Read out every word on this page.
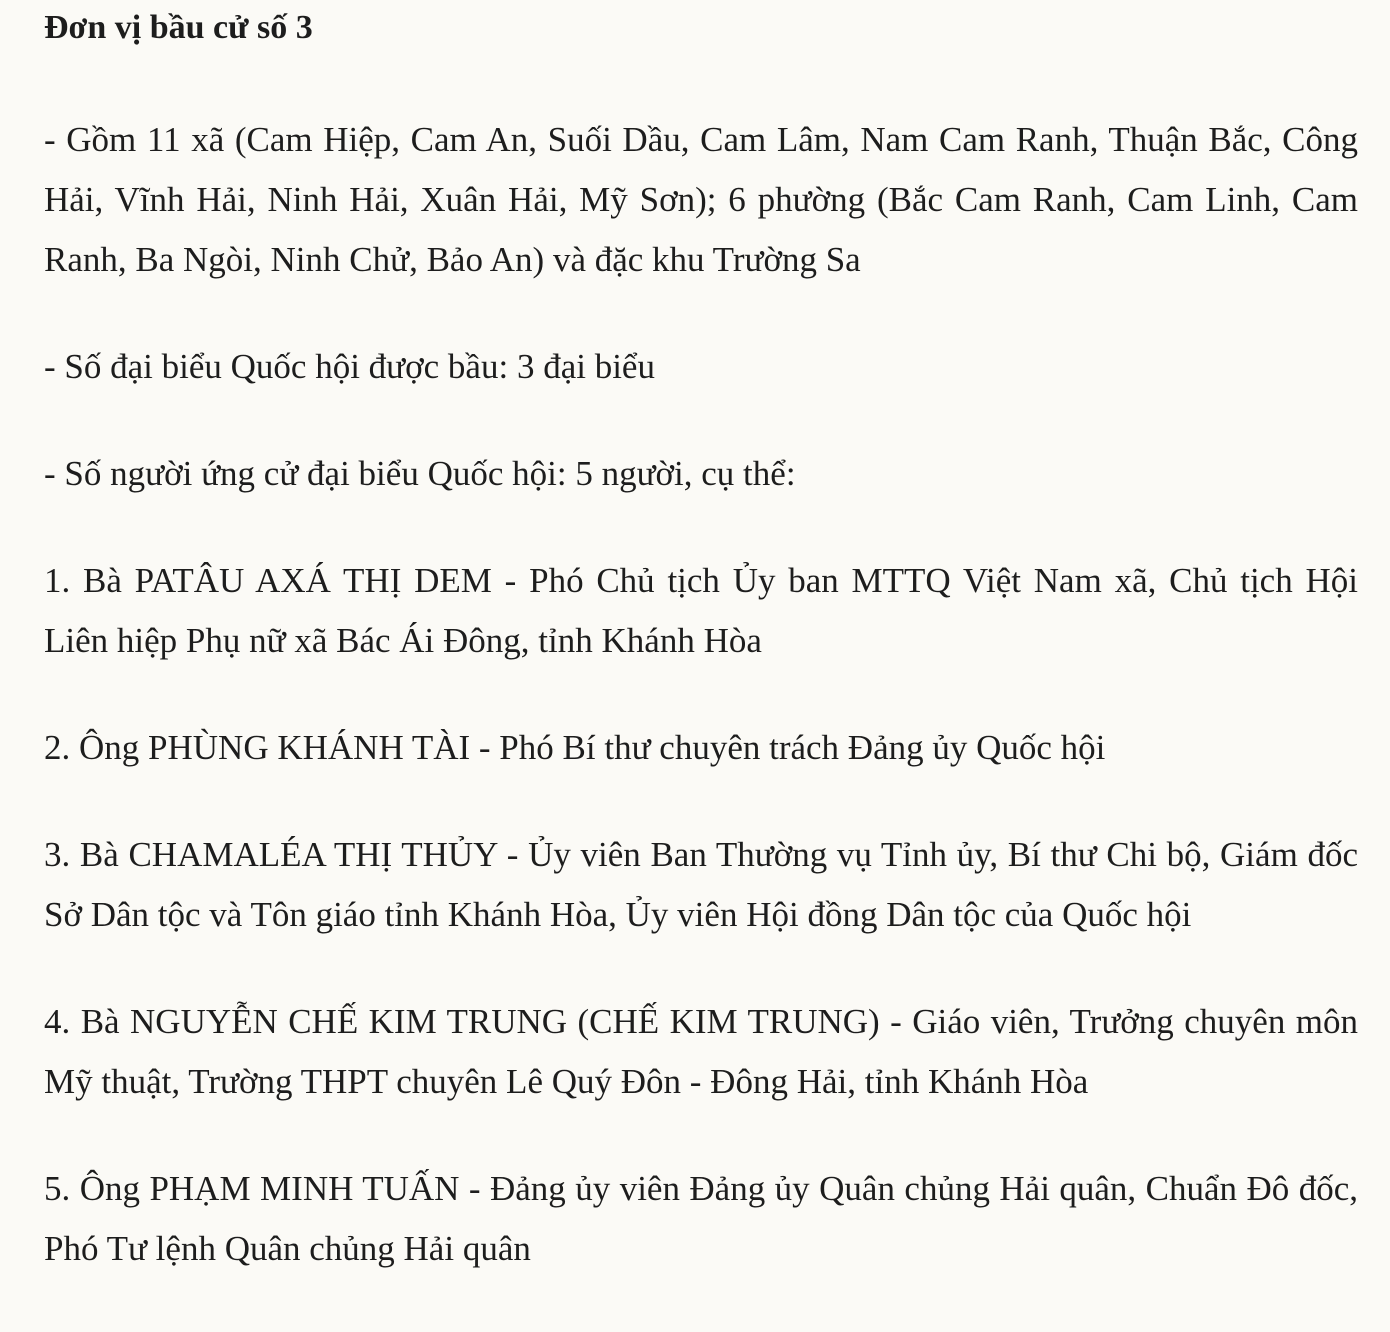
Đơn vị bầu cử số 3

- Gồm 11 xã (Cam Hiệp, Cam An, Suối Dầu, Cam Lâm, Nam Cam Ranh, Thuận Bắc, Công Hải, Vĩnh Hải, Ninh Hải, Xuân Hải, Mỹ Sơn); 6 phường (Bắc Cam Ranh, Cam Linh, Cam Ranh, Ba Ngòi, Ninh Chử, Bảo An) và đặc khu Trường Sa

- Số đại biểu Quốc hội được bầu: 3 đại biểu

- Số người ứng cử đại biểu Quốc hội: 5 người, cụ thể:

1. Bà PATÂU AXÁ THỊ DEM - Phó Chủ tịch Ủy ban MTTQ Việt Nam xã, Chủ tịch Hội Liên hiệp Phụ nữ xã Bác Ái Đông, tỉnh Khánh Hòa

2. Ông PHÙNG KHÁNH TÀI - Phó Bí thư chuyên trách Đảng ủy Quốc hội

3. Bà CHAMALÉA THỊ THỦY - Ủy viên Ban Thường vụ Tỉnh ủy, Bí thư Chi bộ, Giám đốc Sở Dân tộc và Tôn giáo tỉnh Khánh Hòa, Ủy viên Hội đồng Dân tộc của Quốc hội

4. Bà NGUYỄN CHẾ KIM TRUNG (CHẾ KIM TRUNG) - Giáo viên, Trưởng chuyên môn Mỹ thuật, Trường THPT chuyên Lê Quý Đôn - Đông Hải, tỉnh Khánh Hòa

5. Ông PHẠM MINH TUẤN - Đảng ủy viên Đảng ủy Quân chủng Hải quân, Chuẩn Đô đốc, Phó Tư lệnh Quân chủng Hải quân
